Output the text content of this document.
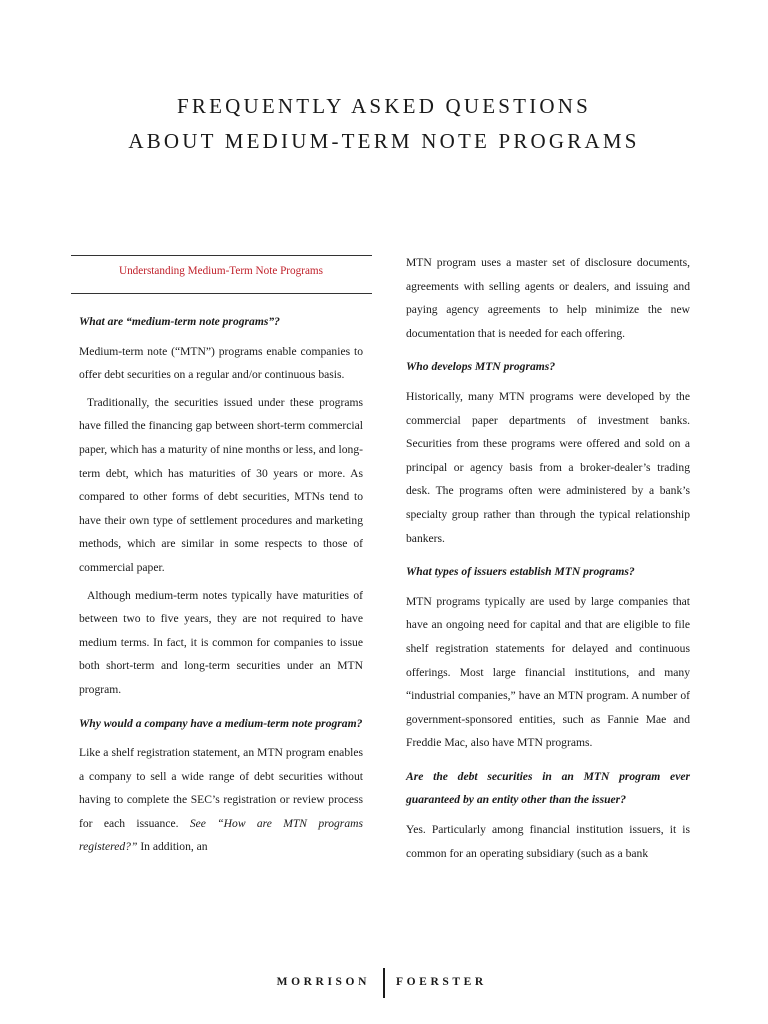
FREQUENTLY ASKED QUESTIONS
ABOUT MEDIUM-TERM NOTE PROGRAMS
Understanding Medium-Term Note Programs

What are “medium-term note programs”?

Medium-term note (“MTN”) programs enable companies to offer debt securities on a regular and/or continuous basis.

Traditionally, the securities issued under these programs have filled the financing gap between short-term commercial paper, which has a maturity of nine months or less, and long-term debt, which has maturities of 30 years or more. As compared to other forms of debt securities, MTNs tend to have their own type of settlement procedures and marketing methods, which are similar in some respects to those of commercial paper.

Although medium-term notes typically have maturities of between two to five years, they are not required to have medium terms. In fact, it is common for companies to issue both short-term and long-term securities under an MTN program.

Why would a company have a medium-term note program?

Like a shelf registration statement, an MTN program enables a company to sell a wide range of debt securities without having to complete the SEC’s registration or review process for each issuance. See “How are MTN programs registered?” In addition, an

MTN program uses a master set of disclosure documents, agreements with selling agents or dealers, and issuing and paying agency agreements to help minimize the new documentation that is needed for each offering.

Who develops MTN programs?

Historically, many MTN programs were developed by the commercial paper departments of investment banks. Securities from these programs were offered and sold on a principal or agency basis from a broker-dealer’s trading desk. The programs often were administered by a bank’s specialty group rather than through the typical relationship bankers.

What types of issuers establish MTN programs?

MTN programs typically are used by large companies that have an ongoing need for capital and that are eligible to file shelf registration statements for delayed and continuous offerings. Most large financial institutions, and many “industrial companies,” have an MTN program. A number of government-sponsored entities, such as Fannie Mae and Freddie Mac, also have MTN programs.

Are the debt securities in an MTN program ever guaranteed by an entity other than the issuer?

Yes. Particularly among financial institution issuers, it is common for an operating subsidiary (such as a bank

MORRISON FOERSTER
